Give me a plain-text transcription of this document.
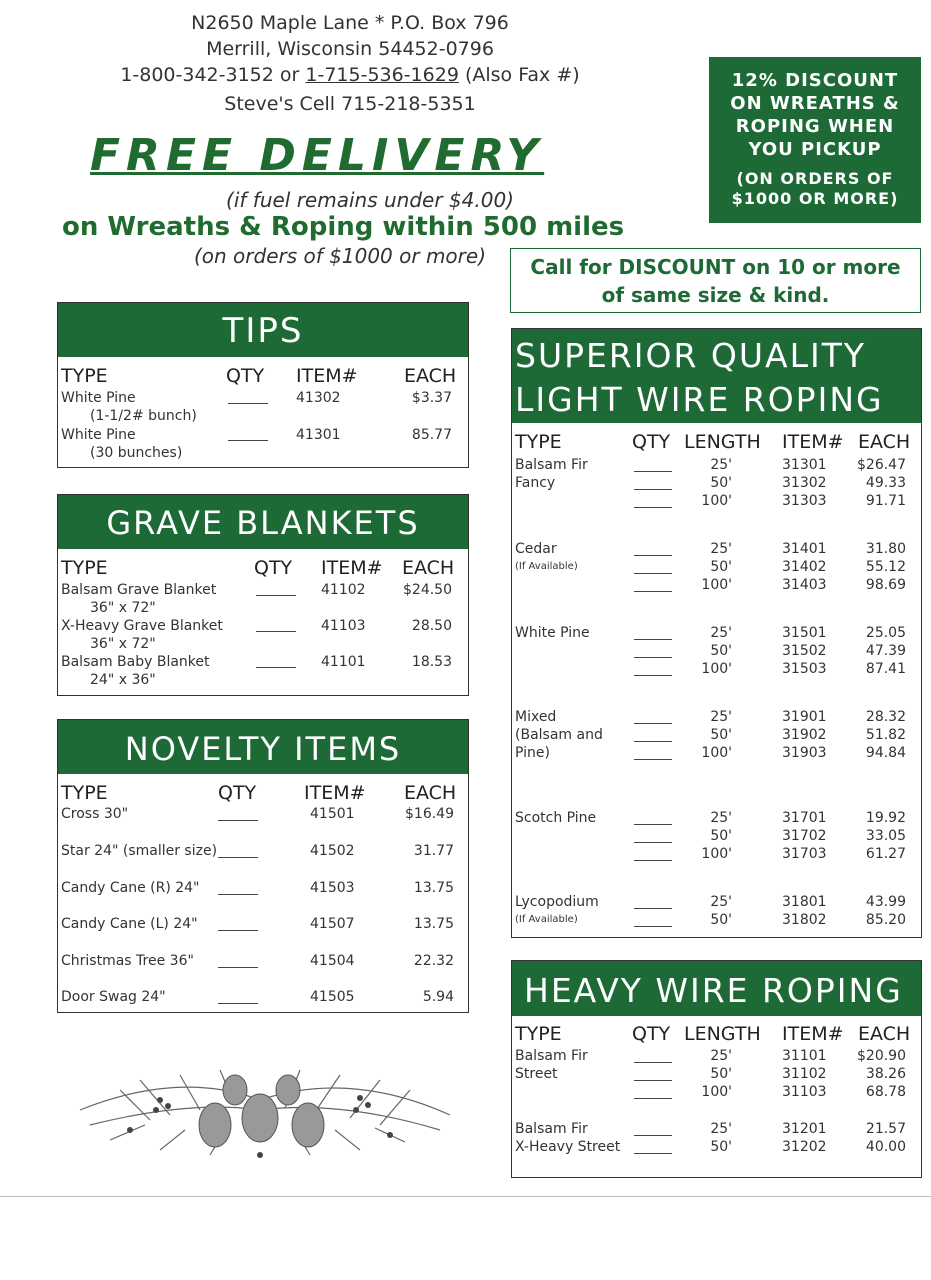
N2650 Maple Lane * P.O. Box 796
Merrill, Wisconsin 54452-0796
1-800-342-3152 or 1-715-536-1629 (Also Fax #)
Steve's Cell 715-218-5351
FREE DELIVERY
(if fuel remains under $4.00)
on Wreaths & Roping within 500 miles
(on orders of $1000 or more)
12% DISCOUNT
ON WREATHS &
ROPING WHEN
YOU PICKUP
(ON ORDERS OF
$1000 OR MORE)
Call for DISCOUNT on 10 or more
of same size & kind.
TIPS
TYPE	QTY ITEM# EACH
White Pine
(1-1/2# bunch)
41302	$3.37
White Pine
(30 bunches)
41301	85.77
GRAVE BLANKETS
TYPE	QTY ITEM# EACH
Balsam Grave Blanket
36" x 72"
41102	$24.50
X-Heavy Grave Blanket
36" x 72"
41103	28.50
Balsam Baby Blanket
24" x 36"
41101	18.53
NOVELTY ITEMS
TYPE	QTY	ITEM# EACH
Cross 30"	41501	$16.49
Star 24" (smaller size)	41502	31.77
Candy Cane (R) 24"	41503	13.75
Candy Cane (L) 24"	41507	13.75
Christmas Tree 36"	41504	22.32
Door Swag 24"	41505	5.94
SUPERIOR QUALITY
LIGHT WIRE ROPING
TYPE	QTY LENGTH ITEM# EACH
Balsam Fir
Fancy
25'	31301	$26.47
50'	31302	49.33
100'	31303	91.71
Cedar
(If Available)
25'	31401	31.80
50'	31402	55.12
100'	31403	98.69
White Pine	25'	31501	25.05
50'	31502	47.39
100'	31503	87.41
Mixed
(Balsam and
Pine)
25'	31901	28.32
50'	31902	51.82
100'	31903	94.84
Scotch Pine	25'	31701	19.92
50'	31702	33.05
100'	31703	61.27
Lycopodium
(If Available)
25'	31801	43.99
50'	31802	85.20
HEAVY WIRE ROPING
TYPE	QTY LENGTH ITEM# EACH
Balsam Fir
Street
25'	31101	$20.90
50'	31102	38.26
100'	31103	68.78
Balsam Fir
X-Heavy Street
25'	31201	21.57
50'	31202	40.00
